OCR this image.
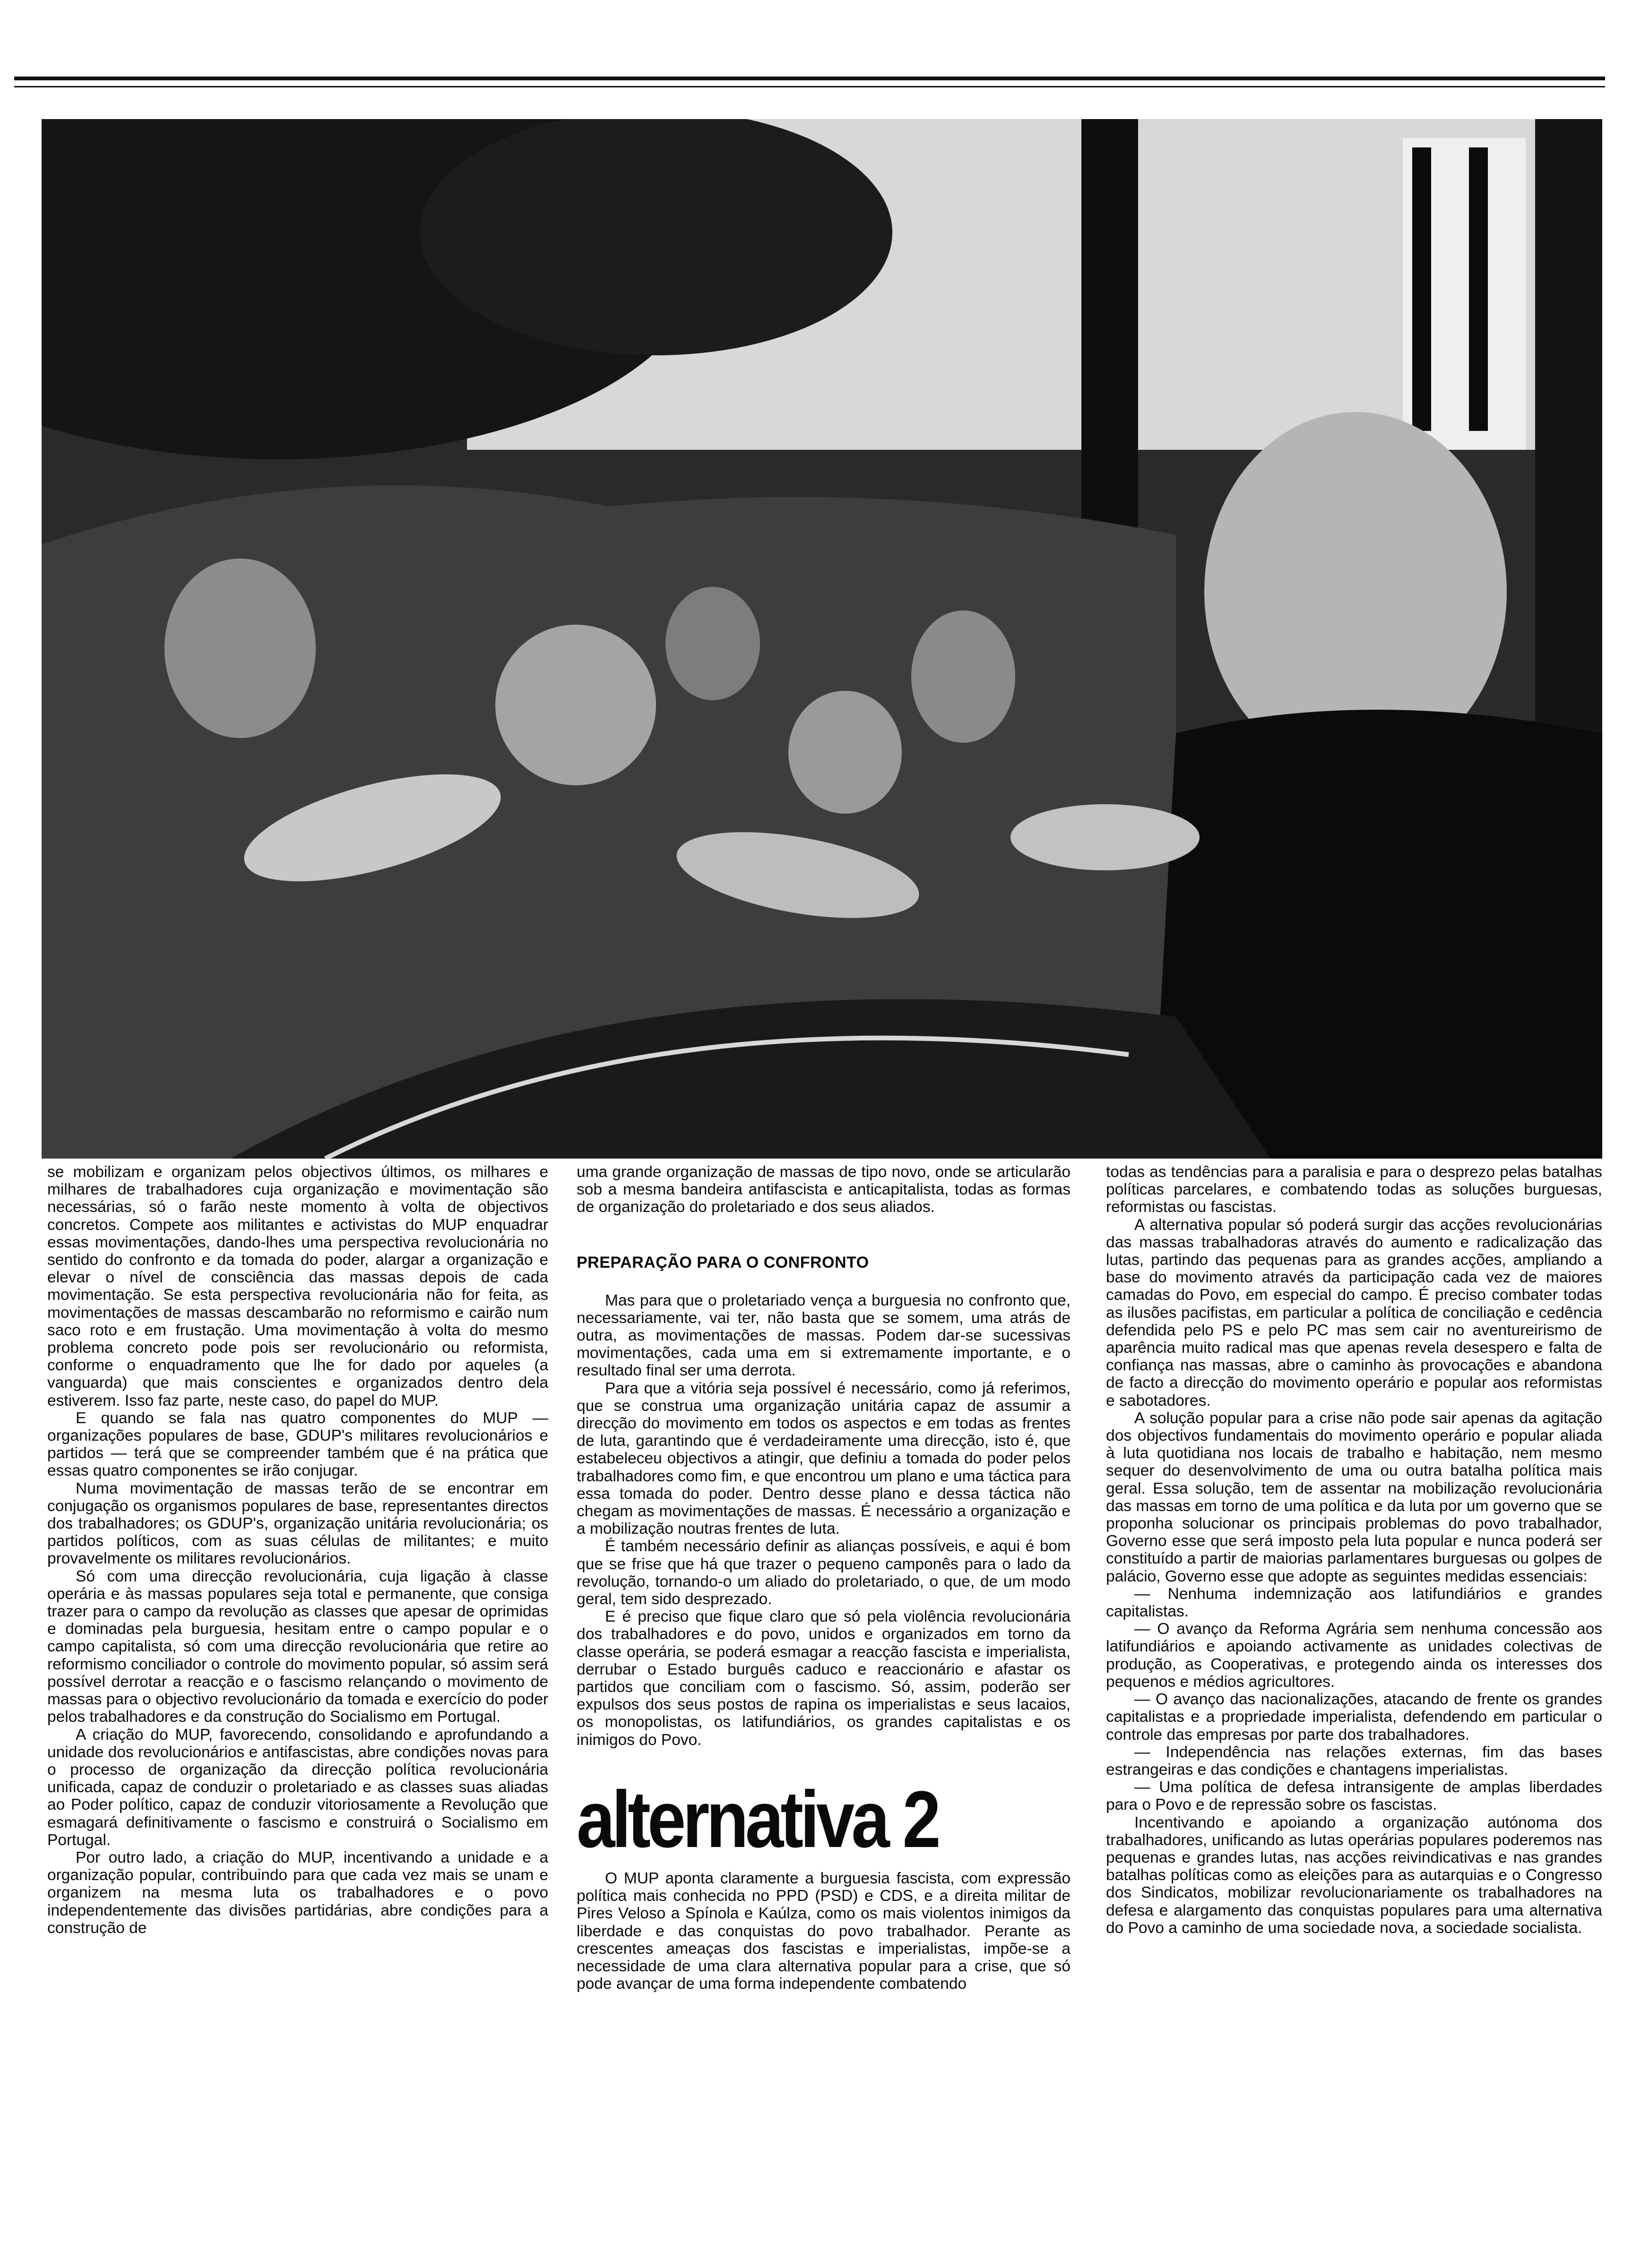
se mobilizam e organizam pelos objectivos últimos, os milhares e milhares de trabalhadores cuja organização e movimentação são necessárias, só o farão neste momento à volta de objectivos concretos. Compete aos militantes e activistas do MUP enquadrar essas movimentações, dando-lhes uma perspectiva revolucionária no sentido do confronto e da tomada do poder, alargar a organização e elevar o nível de consciência das massas depois de cada movimentação. Se esta perspectiva revolucionária não for feita, as movimentações de massas descambarão no reformismo e cairão num saco roto e em frustação. Uma movimentação à volta do mesmo problema concreto pode pois ser revolucionário ou reformista, conforme o enquadramento que lhe for dado por aqueles (a vanguarda) que mais conscientes e organizados dentro dela estiverem. Isso faz parte, neste caso, do papel do MUP.

E quando se fala nas quatro componentes do MUP — organizações populares de base, GDUP's militares revolucionários e partidos — terá que se compreender também que é na prática que essas quatro componentes se irão conjugar.

Numa movimentação de massas terão de se encontrar em conjugação os organismos populares de base, representantes directos dos trabalhadores; os GDUP's, organização unitária revolucionária; os partidos políticos, com as suas células de militantes; e muito provavelmente os militares revolucionários.

Só com uma direcção revolucionária, cuja ligação à classe operária e às massas populares seja total e permanente, que consiga trazer para o campo da revolução as classes que apesar de oprimidas e dominadas pela burguesia, hesitam entre o campo popular e o campo capitalista, só com uma direcção revolucionária que retire ao reformismo conciliador o controle do movimento popular, só assim será possível derrotar a reacção e o fascismo relançando o movimento de massas para o objectivo revolucionário da tomada e exercício do poder pelos trabalhadores e da construção do Socialismo em Portugal.

A criação do MUP, favorecendo, consolidando e aprofundando a unidade dos revolucionários e antifascistas, abre condições novas para o processo de organização da direcção política revolucionária unificada, capaz de conduzir o proletariado e as classes suas aliadas ao Poder político, capaz de conduzir vitoriosamente a Revolução que esmagará definitivamente o fascismo e construirá o Socialismo em Portugal.

Por outro lado, a criação do MUP, incentivando a unidade e a organização popular, contribuindo para que cada vez mais se unam e organizem na mesma luta os trabalhadores e o povo independentemente das divisões partidárias, abre condições para a construção de

uma grande organização de massas de tipo novo, onde se articularão sob a mesma bandeira antifascista e anticapitalista, todas as formas de organização do proletariado e dos seus aliados.

PREPARAÇÃO PARA O CONFRONTO

Mas para que o proletariado vença a burguesia no confronto que, necessariamente, vai ter, não basta que se somem, uma atrás de outra, as movimentações de massas. Podem dar-se sucessivas movimentações, cada uma em si extremamente importante, e o resultado final ser uma derrota.

Para que a vitória seja possível é necessário, como já referimos, que se construa uma organização unitária capaz de assumir a direcção do movimento em todos os aspectos e em todas as frentes de luta, garantindo que é verdadeiramente uma direcção, isto é, que estabeleceu objectivos a atingir, que definiu a tomada do poder pelos trabalhadores como fim, e que encontrou um plano e uma táctica para essa tomada do poder. Dentro desse plano e dessa táctica não chegam as movimentações de massas. É necessário a organização e a mobilização noutras frentes de luta.

É também necessário definir as alianças possíveis, e aqui é bom que se frise que há que trazer o pequeno camponês para o lado da revolução, tornando-o um aliado do proletariado, o que, de um modo geral, tem sido desprezado.

E é preciso que fique claro que só pela violência revolucionária dos trabalhadores e do povo, unidos e organizados em torno da classe operária, se poderá esmagar a reacção fascista e imperialista, derrubar o Estado burguês caduco e reaccionário e afastar os partidos que conciliam com o fascismo. Só, assim, poderão ser expulsos dos seus postos de rapina os imperialistas e seus lacaios, os monopolistas, os latifundiários, os grandes capitalistas e os inimigos do Povo.

alternativa 2

O MUP aponta claramente a burguesia fascista, com expressão política mais conhecida no PPD (PSD) e CDS, e a direita militar de Pires Veloso a Spínola e Kaúlza, como os mais violentos inimigos da liberdade e das conquistas do povo trabalhador. Perante as crescentes ameaças dos fascistas e imperialistas, impõe-se a necessidade de uma clara alternativa popular para a crise, que só pode avançar de uma forma independente combatendo

todas as tendências para a paralisia e para o desprezo pelas batalhas políticas parcelares, e combatendo todas as soluções burguesas, reformistas ou fascistas.

A alternativa popular só poderá surgir das acções revolucionárias das massas trabalhadoras através do aumento e radicalização das lutas, partindo das pequenas para as grandes acções, ampliando a base do movimento através da participação cada vez de maiores camadas do Povo, em especial do campo. É preciso combater todas as ilusões pacifistas, em particular a política de conciliação e cedência defendida pelo PS e pelo PC mas sem cair no aventureirismo de aparência muito radical mas que apenas revela desespero e falta de confiança nas massas, abre o caminho às provocações e abandona de facto a direcção do movimento operário e popular aos reformistas e sabotadores.

A solução popular para a crise não pode sair apenas da agitação dos objectivos fundamentais do movimento operário e popular aliada à luta quotidiana nos locais de trabalho e habitação, nem mesmo sequer do desenvolvimento de uma ou outra batalha política mais geral. Essa solução, tem de assentar na mobilização revolucionária das massas em torno de uma política e da luta por um governo que se proponha solucionar os principais problemas do povo trabalhador, Governo esse que será imposto pela luta popular e nunca poderá ser constituído a partir de maiorias parlamentares burguesas ou golpes de palácio, Governo esse que adopte as seguintes medidas essenciais:

— Nenhuma indemnização aos latifundiários e grandes capitalistas.

— O avanço da Reforma Agrária sem nenhuma concessão aos latifundiários e apoiando activamente as unidades colectivas de produção, as Cooperativas, e protegendo ainda os interesses dos pequenos e médios agricultores.

— O avanço das nacionalizações, atacando de frente os grandes capitalistas e a propriedade imperialista, defendendo em particular o controle das empresas por parte dos trabalhadores.

— Independência nas relações externas, fim das bases estrangeiras e das condições e chantagens imperialistas.

— Uma política de defesa intransigente de amplas liberdades para o Povo e de repressão sobre os fascistas.

Incentivando e apoiando a organização autónoma dos trabalhadores, unificando as lutas operárias populares poderemos nas pequenas e grandes lutas, nas acções reivindicativas e nas grandes batalhas políticas como as eleições para as autarquias e o Congresso dos Sindicatos, mobilizar revolucionariamente os trabalhadores na defesa e alargamento das conquistas populares para uma alternativa do Povo a caminho de uma sociedade nova, a sociedade socialista.
